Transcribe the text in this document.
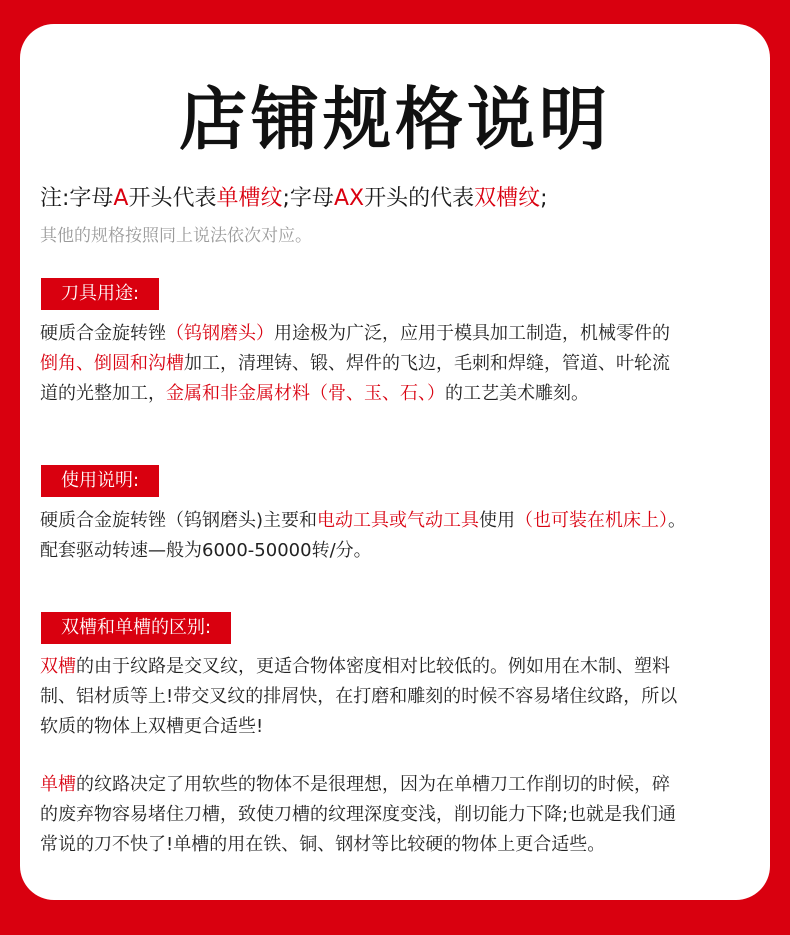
店铺规格说明
注:字母A开头代表单槽纹;字母AX开头的代表双槽纹;
其他的规格按照同上说法依次对应。
刀具用途:
硬质合金旋转锉（钨钢磨头）用途极为广泛，应用于模具加工制造，机械零件的
倒角、倒圆和沟槽加工，清理铸、锻、焊件的飞边，毛刺和焊缝，管道、叶轮流
道的光整加工，金属和非金属材料（骨、玉、石、）的工艺美术雕刻。
使用说明:
硬质合金旋转锉（钨钢磨头)主要和电动工具或气动工具使用（也可装在机床上）。
配套驱动转速—般为6000-50000转/分。
双槽和单槽的区别:
双槽的由于纹路是交叉纹，更适合物体密度相对比较低的。例如用在木制、塑料
制、铝材质等上!带交叉纹的排屑快，在打磨和雕刻的时候不容易堵住纹路，所以
软质的物体上双槽更合适些!
单槽的纹路决定了用软些的物体不是很理想，因为在单槽刀工作削切的时候，碎
的废弃物容易堵住刀槽，致使刀槽的纹理深度变浅，削切能力下降;也就是我们通
常说的刀不快了!单槽的用在铁、铜、钢材等比较硬的物体上更合适些。
